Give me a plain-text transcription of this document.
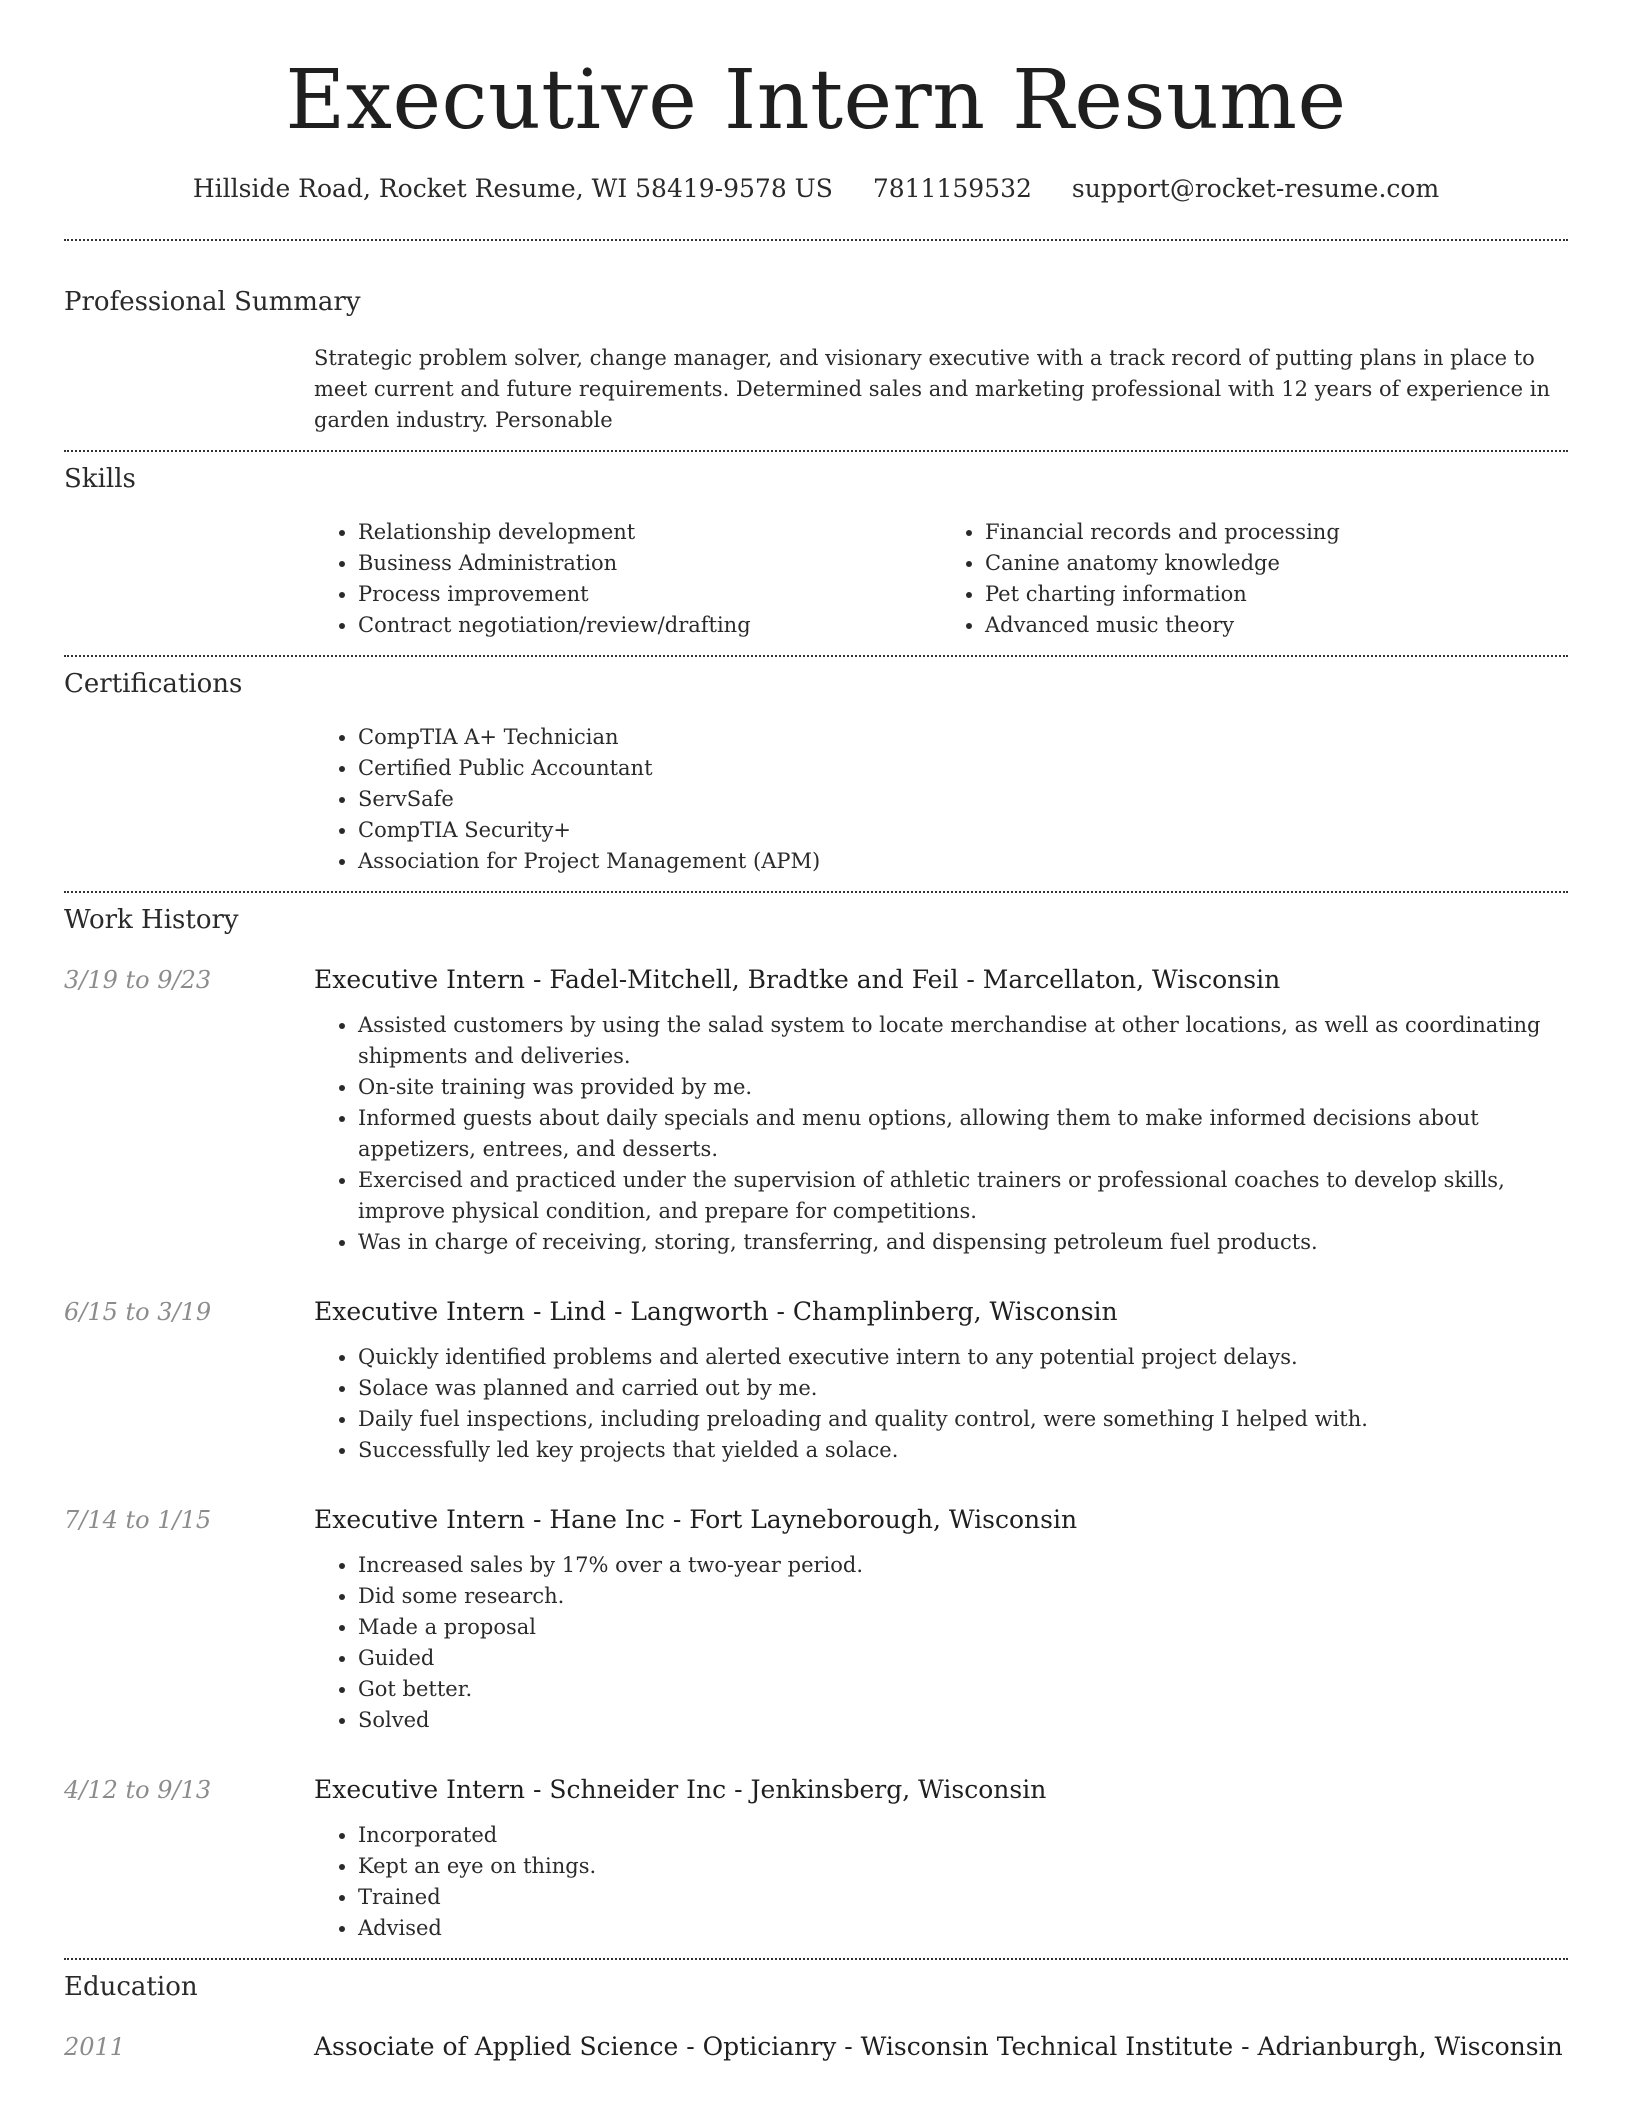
Executive Intern Resume
Hillside Road, Rocket Resume, WI 58419-9578 US 7811159532 support@rocket-resume.com
Professional Summary
Strategic problem solver, change manager, and visionary executive with a track record of putting plans in place to meet current and future requirements. Determined sales and marketing professional with 12 years of experience in garden industry. Personable
Skills
• Relationship development
• Business Administration
• Process improvement
• Contract negotiation/review/drafting
• Financial records and processing
• Canine anatomy knowledge
• Pet charting information
• Advanced music theory
Certifications
• CompTIA A+ Technician
• Certified Public Accountant
• ServSafe
• CompTIA Security+
• Association for Project Management (APM)
Work History
3/19 to 9/23	Executive Intern - Fadel-Mitchell, Bradtke and Feil - Marcellaton, Wisconsin
• Assisted customers by using the salad system to locate merchandise at other locations, as well as coordinating shipments and deliveries.
• On-site training was provided by me.
• Informed guests about daily specials and menu options, allowing them to make informed decisions about appetizers, entrees, and desserts.
• Exercised and practiced under the supervision of athletic trainers or professional coaches to develop skills, improve physical condition, and prepare for competitions.
• Was in charge of receiving, storing, transferring, and dispensing petroleum fuel products.
6/15 to 3/19	Executive Intern - Lind - Langworth - Champlinberg, Wisconsin
• Quickly identified problems and alerted executive intern to any potential project delays.
• Solace was planned and carried out by me.
• Daily fuel inspections, including preloading and quality control, were something I helped with.
• Successfully led key projects that yielded a solace.
7/14 to 1/15	Executive Intern - Hane Inc - Fort Layneborough, Wisconsin
• Increased sales by 17% over a two-year period.
• Did some research.
• Made a proposal
• Guided
• Got better.
• Solved
4/12 to 9/13	Executive Intern - Schneider Inc - Jenkinsberg, Wisconsin
• Incorporated
• Kept an eye on things.
• Trained
• Advised
Education
2011	Associate of Applied Science - Opticianry - Wisconsin Technical Institute - Adrianburgh, Wisconsin
